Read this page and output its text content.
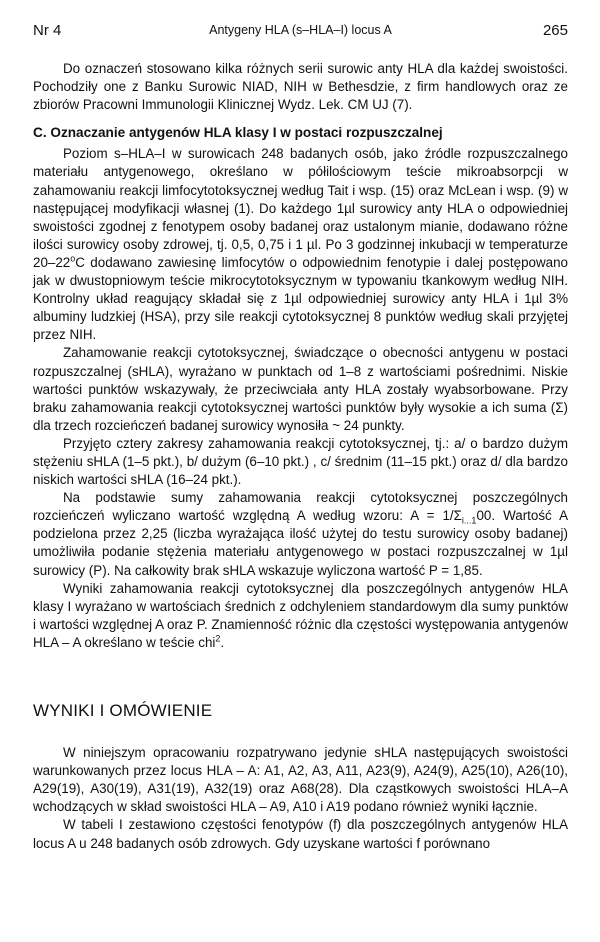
Nr 4	Antygeny HLA (s–HLA–I) locus A	265

Do oznaczeń stosowano kilka różnych serii surowic anty HLA dla każdej swoistości. Pochodziły one z Banku Surowic NIAD, NIH w Bethesdzie, z firm handlowych oraz ze zbiorów Pracowni Immunologii Klinicznej Wydz. Lek. CM UJ (7).

C. Oznaczanie antygenów HLA klasy I w postaci rozpuszczalnej

Poziom s–HLA–I w surowicach 248 badanych osób, jako źródle rozpuszczalnego materiału antygenowego, określano w półilościowym teście mikroabsorpcji w zahamowaniu reakcji limfocytotoksycznej według Tait i wsp. (15) oraz McLean i wsp. (9) w następującej modyfikacji własnej (1). Do każdego 1µl surowicy anty HLA o odpowiedniej swoistości zgodnej z fenotypem osoby badanej oraz ustalonym mianie, dodawano różne ilości surowicy osoby zdrowej, tj. 0,5, 0,75 i 1 µl. Po 3 godzinnej inkubacji w temperaturze 20–22$^o$C dodawano zawiesinę limfocytów o odpowiednim fenotypie i dalej postępowano jak w dwustopniowym teście mikrocytotoksycznym w typowaniu tkankowym według NIH. Kontrolny układ reagujący składał się z 1µl odpowiedniej surowicy anty HLA i 1µl 3% albuminy ludzkiej (HSA), przy sile reakcji cytotoksycznej 8 punktów według skali przyjętej przez NIH.

Zahamowanie reakcji cytotoksycznej, świadczące o obecności antygenu w postaci rozpuszczalnej (sHLA), wyrażano w punktach od 1–8 z wartościami pośrednimi. Niskie wartości punktów wskazywały, że przeciwciała anty HLA zostały wyabsorbowane. Przy braku zahamowania reakcji cytotoksycznej wartości punktów były wysokie a ich suma (Σ) dla trzech rozcieńczeń badanej surowicy wynosiła ~ 24 punkty.

Przyjęto cztery zakresy zahamowania reakcji cytotoksycznej, tj.: a/ o bardzo dużym stężeniu sHLA (1–5 pkt.), b/ dużym (6–10 pkt.) , c/ średnim (11–15 pkt.) oraz d/ dla bardzo niskich wartości sHLA (16–24 pkt.).

Na podstawie sumy zahamowania reakcji cytotoksycznej poszczególnych rozcieńczeń wyliczano wartość względną A według wzoru: $A = 1/\Sigma_{i...1}00$. Wartość A podzielona przez 2,25 (liczba wyrażająca ilość użytej do testu surowicy osoby badanej) umożliwiła podanie stężenia materiału antygenowego w postaci rozpuszczalnej w 1µl surowicy (P). Na całkowity brak sHLA wskazuje wyliczona wartość P = 1,85.

Wyniki zahamowania reakcji cytotoksycznej dla poszczególnych antygenów HLA klasy I wyrażano w wartościach średnich z odchyleniem standardowym dla sumy punktów i wartości względnej A oraz P. Znamienność różnic dla częstości występowania antygenów HLA – A określano w teście chi$^2$.

WYNIKI I OMÓWIENIE

W niniejszym opracowaniu rozpatrywano jedynie sHLA następujących swoistości warunkowanych przez locus HLA – A: A1, A2, A3, A11, A23(9), A24(9), A25(10), A26(10), A29(19), A30(19), A31(19), A32(19) oraz A68(28). Dla cząstkowych swoistości HLA–A wchodzących w skład swoistości HLA – A9, A10 i A19 podano również wyniki łącznie.

W tabeli I zestawiono częstości fenotypów (f) dla poszczególnych antygenów HLA locus A u 248 badanych osób zdrowych. Gdy uzyskane wartości f porównano
